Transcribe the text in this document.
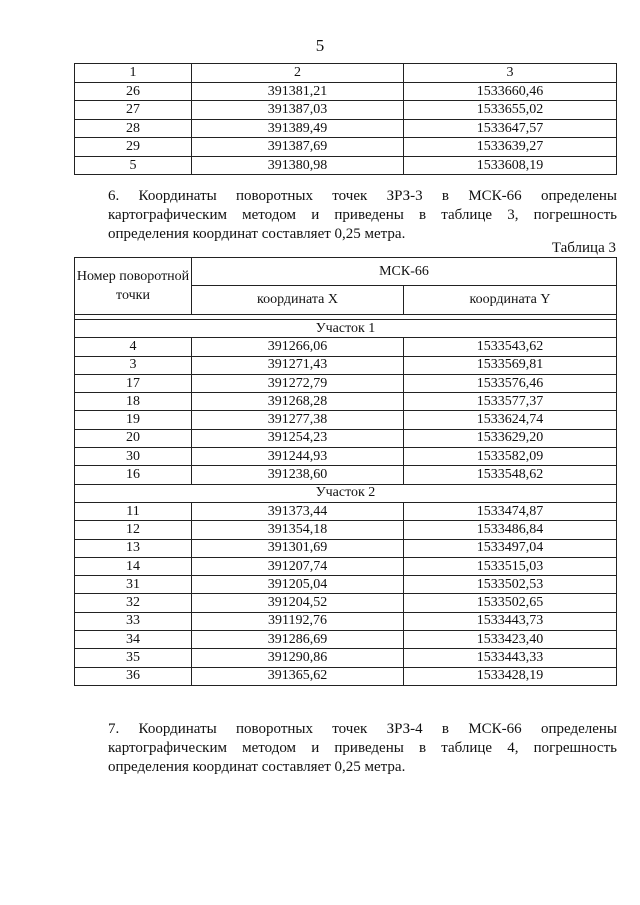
5
1	2	3
26	391381,21	1533660,46
27	391387,03	1533655,02
28	391389,49	1533647,57
29	391387,69	1533639,27
5	391380,98	1533608,19
6. Координаты поворотных точек ЗРЗ-3 в МСК-66 определены картографическим методом и приведены в таблице 3, погрешность определения координат составляет 0,25 метра.
Таблица 3
Номер поворотной точки	МСК-66	
	координата X	координата Y

Участок 1		
4	391266,06	1533543,62
3	391271,43	1533569,81
17	391272,79	1533576,46
18	391268,28	1533577,37
19	391277,38	1533624,74
20	391254,23	1533629,20
30	391244,93	1533582,09
16	391238,60	1533548,62
Участок 2		
11	391373,44	1533474,87
12	391354,18	1533486,84
13	391301,69	1533497,04
14	391207,74	1533515,03
31	391205,04	1533502,53
32	391204,52	1533502,65
33	391192,76	1533443,73
34	391286,69	1533423,40
35	391290,86	1533443,33
36	391365,62	1533428,19
7. Координаты поворотных точек ЗРЗ-4 в МСК-66 определены картографическим методом и приведены в таблице 4, погрешность определения координат составляет 0,25 метра.
